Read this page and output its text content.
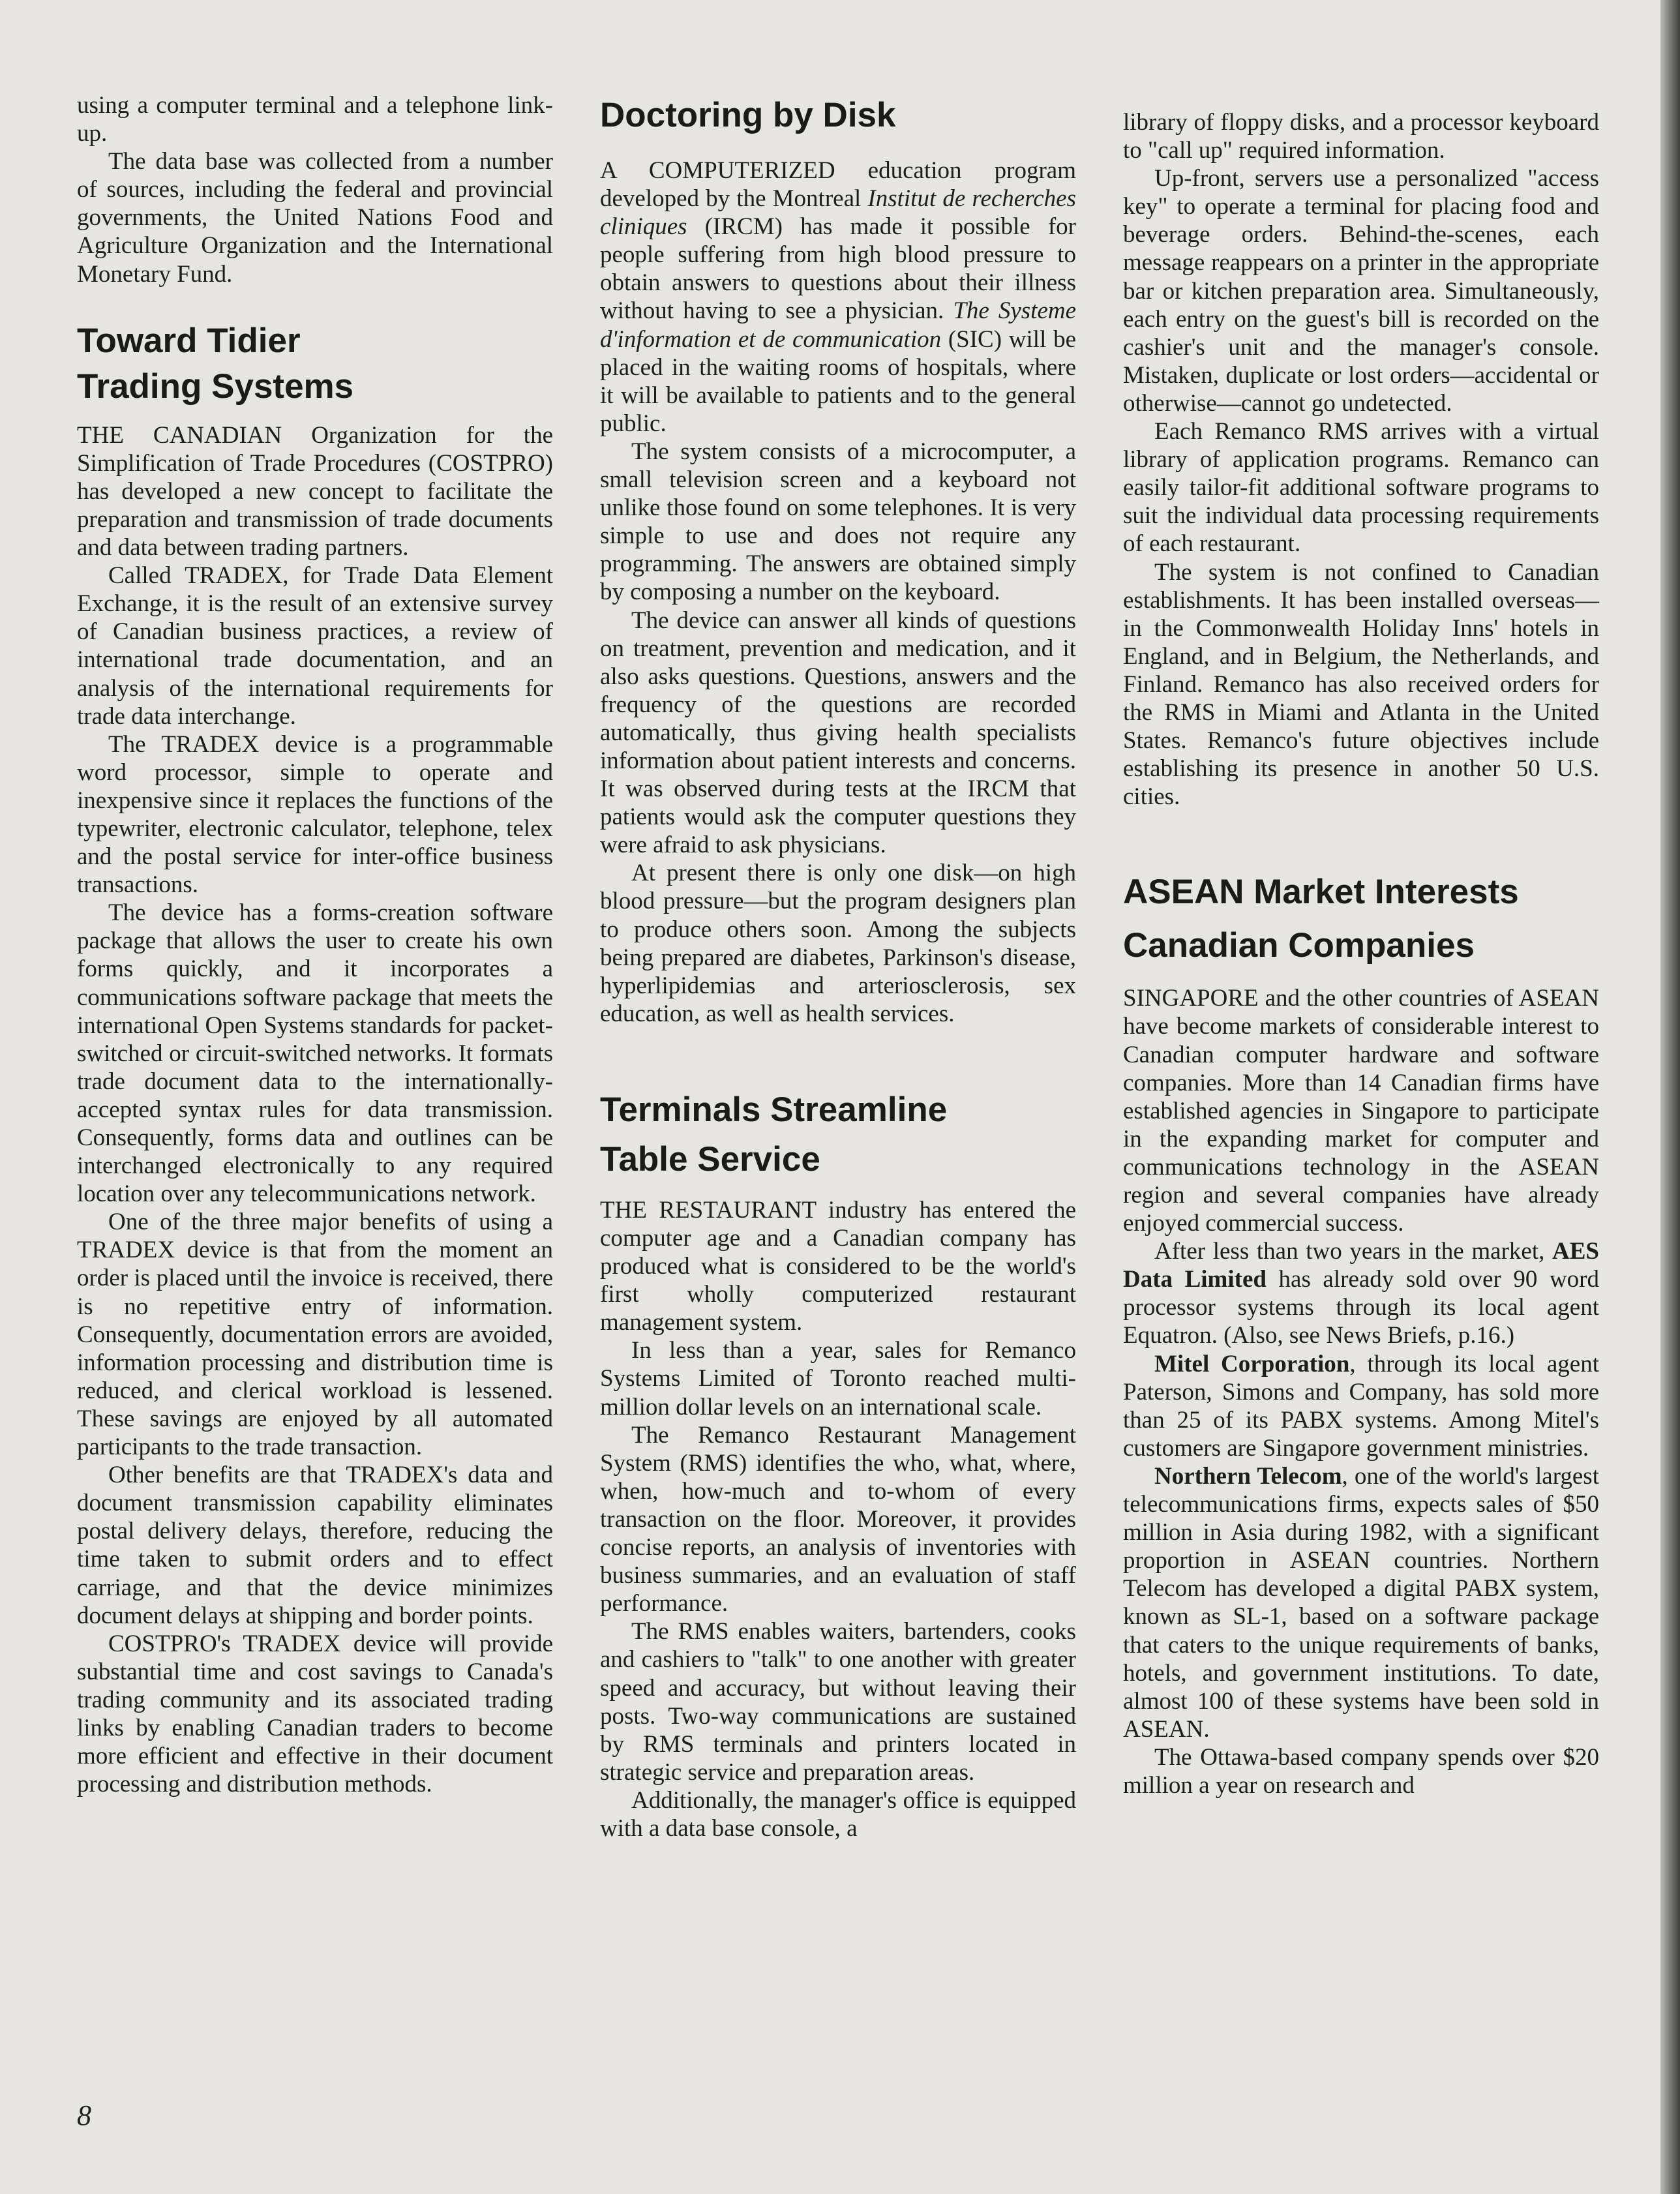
using a computer terminal and a telephone link-up.

The data base was collected from a number of sources, including the federal and provincial governments, the United Nations Food and Agriculture Organization and the International Monetary Fund.

Toward Tidier Trading Systems

THE CANADIAN Organization for the Simplification of Trade Procedures (COSTPRO) has developed a new concept to facilitate the preparation and transmission of trade documents and data between trading partners.

Called TRADEX, for Trade Data Element Exchange, it is the result of an extensive survey of Canadian business practices, a review of international trade documentation, and an analysis of the international requirements for trade data interchange.

The TRADEX device is a programmable word processor, simple to operate and inexpensive since it replaces the functions of the typewriter, electronic calculator, telephone, telex and the postal service for inter-office business transactions.

The device has a forms-creation software package that allows the user to create his own forms quickly, and it incorporates a communications software package that meets the international Open Systems standards for packet-switched or circuit-switched networks. It formats trade document data to the internationally-accepted syntax rules for data transmission. Consequently, forms data and outlines can be interchanged electronically to any required location over any telecommunications network.

One of the three major benefits of using a TRADEX device is that from the moment an order is placed until the invoice is received, there is no repetitive entry of information. Consequently, documentation errors are avoided, information processing and distribution time is reduced, and clerical workload is lessened. These savings are enjoyed by all automated participants to the trade transaction.

Other benefits are that TRADEX's data and document transmission capability eliminates postal delivery delays, therefore, reducing the time taken to submit orders and to effect carriage, and that the device minimizes document delays at shipping and border points.

COSTPRO's TRADEX device will provide substantial time and cost savings to Canada's trading community and its associated trading links by enabling Canadian traders to become more efficient and effective in their document processing and distribution methods.

Doctoring by Disk

A COMPUTERIZED education program developed by the Montreal Institut de recherches cliniques (IRCM) has made it possible for people suffering from high blood pressure to obtain answers to questions about their illness without having to see a physician. The Systeme d'information et de communication (SIC) will be placed in the waiting rooms of hospitals, where it will be available to patients and to the general public.

The system consists of a microcomputer, a small television screen and a keyboard not unlike those found on some telephones. It is very simple to use and does not require any programming. The answers are obtained simply by composing a number on the keyboard.

The device can answer all kinds of questions on treatment, prevention and medication, and it also asks questions. Questions, answers and the frequency of the questions are recorded automatically, thus giving health specialists information about patient interests and concerns. It was observed during tests at the IRCM that patients would ask the computer questions they were afraid to ask physicians.

At present there is only one disk—on high blood pressure—but the program designers plan to produce others soon. Among the subjects being prepared are diabetes, Parkinson's disease, hyperlipidemias and arteriosclerosis, sex education, as well as health services.

Terminals Streamline Table Service

THE RESTAURANT industry has entered the computer age and a Canadian company has produced what is considered to be the world's first wholly computerized restaurant management system.

In less than a year, sales for Remanco Systems Limited of Toronto reached multi-million dollar levels on an international scale.

The Remanco Restaurant Management System (RMS) identifies the who, what, where, when, how-much and to-whom of every transaction on the floor. Moreover, it provides concise reports, an analysis of inventories with business summaries, and an evaluation of staff performance.

The RMS enables waiters, bartenders, cooks and cashiers to "talk" to one another with greater speed and accuracy, but without leaving their posts. Two-way communications are sustained by RMS terminals and printers located in strategic service and preparation areas.

Additionally, the manager's office is equipped with a data base console, a

library of floppy disks, and a processor keyboard to "call up" required information.

Up-front, servers use a personalized "access key" to operate a terminal for placing food and beverage orders. Behind-the-scenes, each message reappears on a printer in the appropriate bar or kitchen preparation area. Simultaneously, each entry on the guest's bill is recorded on the cashier's unit and the manager's console. Mistaken, duplicate or lost orders—accidental or otherwise—cannot go undetected.

Each Remanco RMS arrives with a virtual library of application programs. Remanco can easily tailor-fit additional software programs to suit the individual data processing requirements of each restaurant.

The system is not confined to Canadian establishments. It has been installed overseas—in the Commonwealth Holiday Inns' hotels in England, and in Belgium, the Netherlands, and Finland. Remanco has also received orders for the RMS in Miami and Atlanta in the United States. Remanco's future objectives include establishing its presence in another 50 U.S. cities.

ASEAN Market Interests Canadian Companies

SINGAPORE and the other countries of ASEAN have become markets of considerable interest to Canadian computer hardware and software companies. More than 14 Canadian firms have established agencies in Singapore to participate in the expanding market for computer and communications technology in the ASEAN region and several companies have already enjoyed commercial success.

After less than two years in the market, AES Data Limited has already sold over 90 word processor systems through its local agent Equatron. (Also, see News Briefs, p.16.)

Mitel Corporation, through its local agent Paterson, Simons and Company, has sold more than 25 of its PABX systems. Among Mitel's customers are Singapore government ministries.

Northern Telecom, one of the world's largest telecommunications firms, expects sales of $50 million in Asia during 1982, with a significant proportion in ASEAN countries. Northern Telecom has developed a digital PABX system, known as SL-1, based on a software package that caters to the unique requirements of banks, hotels, and government institutions. To date, almost 100 of these systems have been sold in ASEAN.

The Ottawa-based company spends over $20 million a year on research and

8
